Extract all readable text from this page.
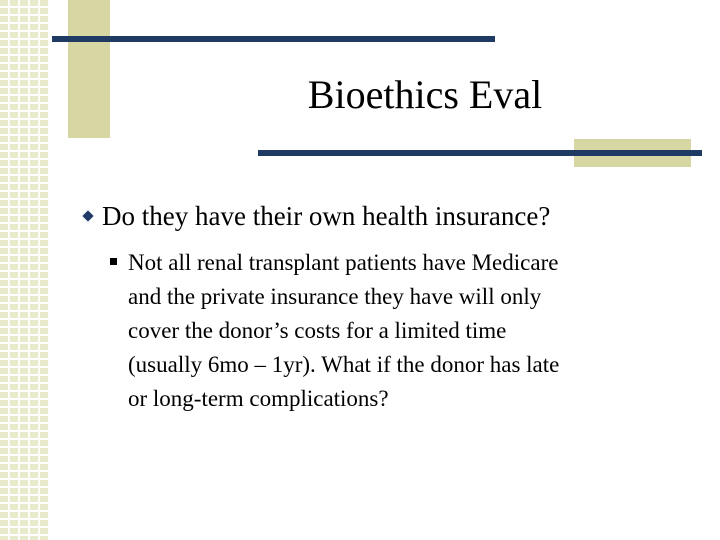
Bioethics Eval
Do they have their own health insurance?
Not all renal transplant patients have Medicare
and the private insurance they have will only
cover the donor’s costs for a limited time
(usually 6mo – 1yr). What if the donor has late
or long-term complications?
